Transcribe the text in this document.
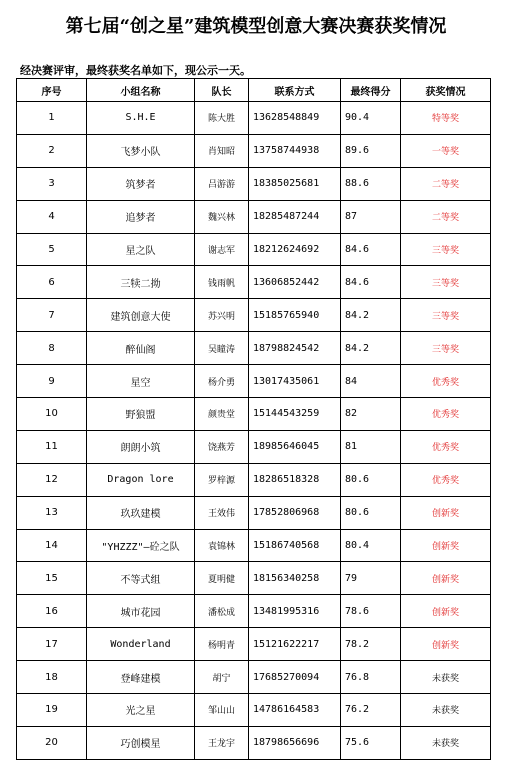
第七届“创之星”建筑模型创意大赛决赛获奖情况
经决赛评审，最终获奖名单如下，现公示一天。
序号	小组名称	队长	联系方式	最终得分	获奖情况
1	S.H.E	陈大胜	13628548849	90.4	特等奖
2	飞梦小队	肖知昭	13758744938	89.6	一等奖
3	筑梦者	吕游游	18385025681	88.6	二等奖
4	追梦者	魏兴林	18285487244	87	二等奖
5	星之队	谢志军	18212624692	84.6	三等奖
6	三犊二拗	钱雨帆	13606852442	84.6	三等奖
7	建筑创意大使	苏兴明	15185765940	84.2	三等奖
8	醉仙阁	吴瞳涛	18798824542	84.2	三等奖
9	星空	杨介勇	13017435061	84	优秀奖
10	野狼盟	颜贵堂	15144543259	82	优秀奖
11	朗朗小筑	饶燕芳	18985646045	81	优秀奖
12	Dragon lore	罗梓源	18286518328	80.6	优秀奖
13	玖玖建模	王效伟	17852806968	80.6	创新奖
14	"YHZZZ"—砼之队	袁锦林	15186740568	80.4	创新奖
15	不等式组	夏明健	18156340258	79	创新奖
16	城市花园	潘松成	13481995316	78.6	创新奖
17	Wonderland	杨明青	15121622217	78.2	创新奖
18	登峰建模	胡宁	17685270094	76.8	未获奖
19	光之星	邹山山	14786164583	76.2	未获奖
20	巧创模星	王龙宇	18798656696	75.6	未获奖
